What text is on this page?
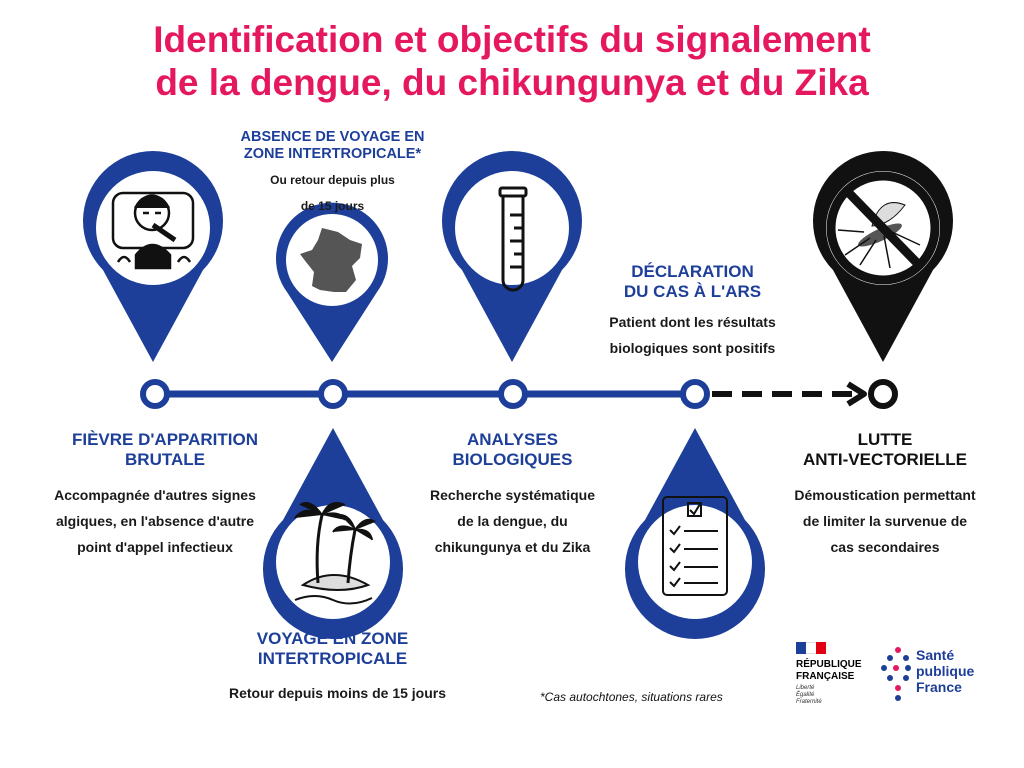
Identification et objectifs du signalement
de la dengue, du chikungunya et du Zika
FIÈVRE D'APPARITION
BRUTALE
Accompagnée d'autres signes
algiques, en l'absence d'autre
point d'appel infectieux
ABSENCE DE VOYAGE EN
ZONE INTERTROPICALE*
Ou retour depuis plus
de 15 jours
VOYAGE EN ZONE
INTERTROPICALE
Retour depuis moins de 15 jours
ANALYSES
BIOLOGIQUES
Recherche systématique
de la dengue, du
chikungunya et du Zika
DÉCLARATION
DU CAS À L'ARS
Patient dont les résultats
biologiques sont positifs
LUTTE
ANTI-VECTORIELLE
Démoustication permettant
de limiter la survenue de
cas secondaires
*Cas autochtones, situations rares
RÉPUBLIQUE
FRANÇAISE
Liberté
Égalité
Fraternité
Santé
publique
France
